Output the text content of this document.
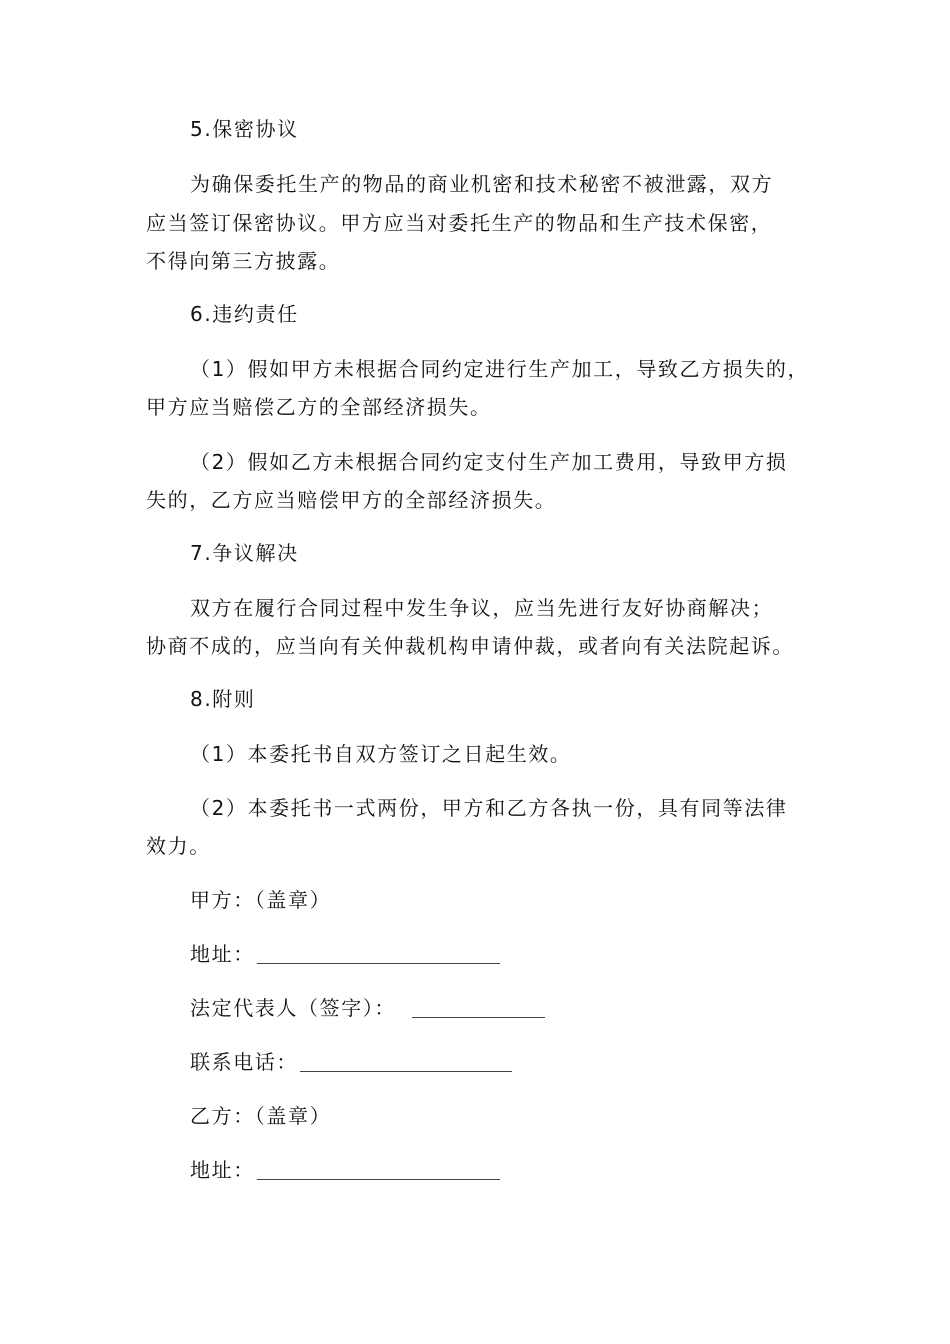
5.保密协议
为确保委托生产的物品的商业机密和技术秘密不被泄露，双方
应当签订保密协议。甲方应当对委托生产的物品和生产技术保密，
不得向第三方披露。
6.违约责任
（1）假如甲方未根据合同约定进行生产加工，导致乙方损失的，
甲方应当赔偿乙方的全部经济损失。
（2）假如乙方未根据合同约定支付生产加工费用，导致甲方损
失的，乙方应当赔偿甲方的全部经济损失。
7.争议解决
双方在履行合同过程中发生争议，应当先进行友好协商解决；
协商不成的，应当向有关仲裁机构申请仲裁，或者向有关法院起诉。
8.附则
（1）本委托书自双方签订之日起生效。
（2）本委托书一式两份，甲方和乙方各执一份，具有同等法律
效力。
甲方：（盖章）
地址：
法定代表人（签字）：
联系电话：
乙方：（盖章）
地址：
